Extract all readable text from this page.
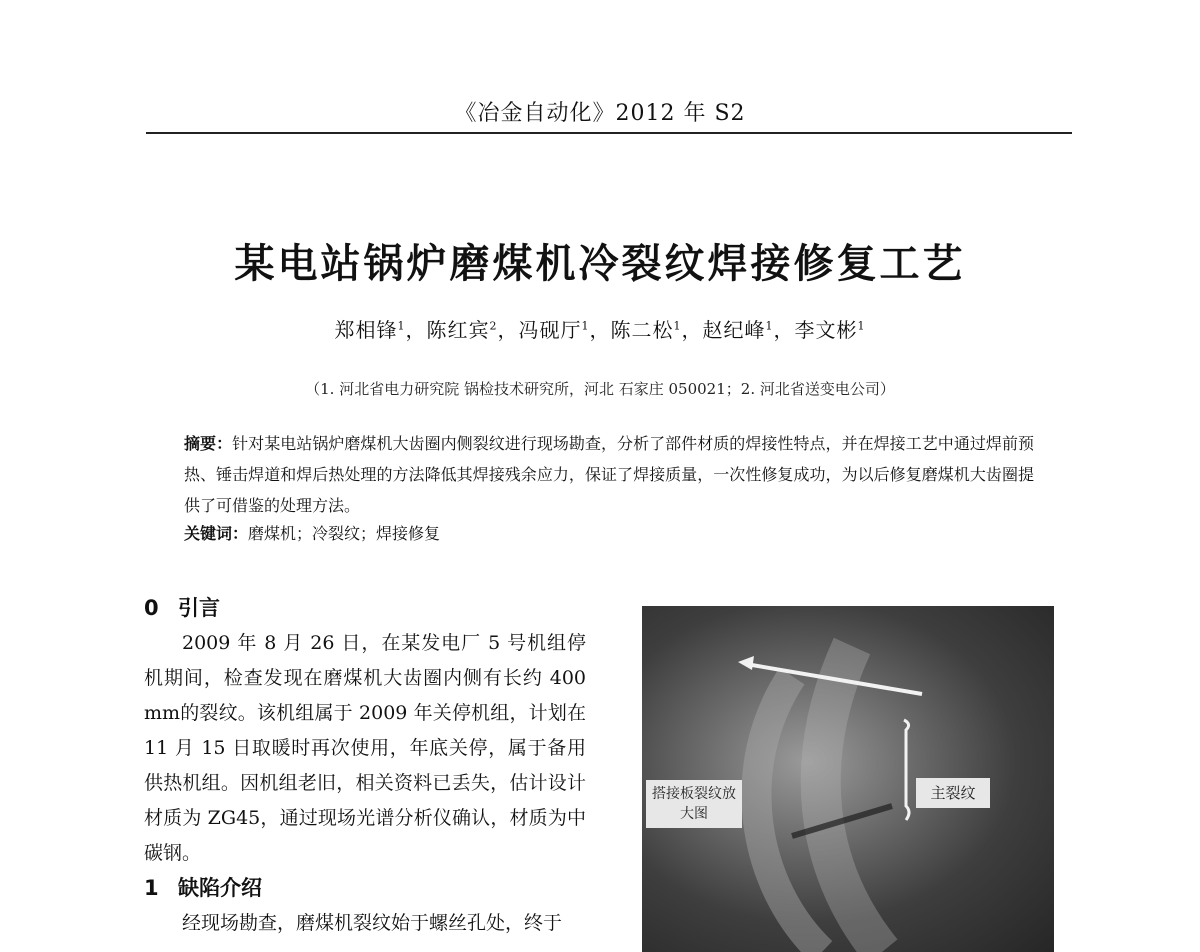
《冶金自动化》2012 年 S2
某电站锅炉磨煤机冷裂纹焊接修复工艺
郑相锋$^1$，陈红宾$^2$，冯砚厅$^1$，陈二松$^1$，赵纪峰$^1$，李文彬$^1$
（1. 河北省电力研究院 锅检技术研究所，河北 石家庄 050021；2. 河北省送变电公司）
摘要：针对某电站锅炉磨煤机大齿圈内侧裂纹进行现场勘查，分析了部件材质的焊接性特点，并在焊接工艺中通过焊前预热、锤击焊道和焊后热处理的方法降低其焊接残余应力，保证了焊接质量，一次性修复成功，为以后修复磨煤机大齿圈提供了可借鉴的处理方法。
关键词：磨煤机；冷裂纹；焊接修复
0 引言

2009 年 8 月 26 日，在某发电厂 5 号机组停机期间，检查发现在磨煤机大齿圈内侧有长约 400 mm的裂纹。该机组属于 2009 年关停机组，计划在 11 月 15 日取暖时再次使用，年底关停，属于备用供热机组。因机组老旧，相关资料已丢失，估计设计材质为 ZG45，通过现场光谱分析仪确认，材质为中碳钢。

1 缺陷介绍

经现场勘查，磨煤机裂纹始于螺丝孔处，终于

搭接板裂纹放大图
主裂纹
